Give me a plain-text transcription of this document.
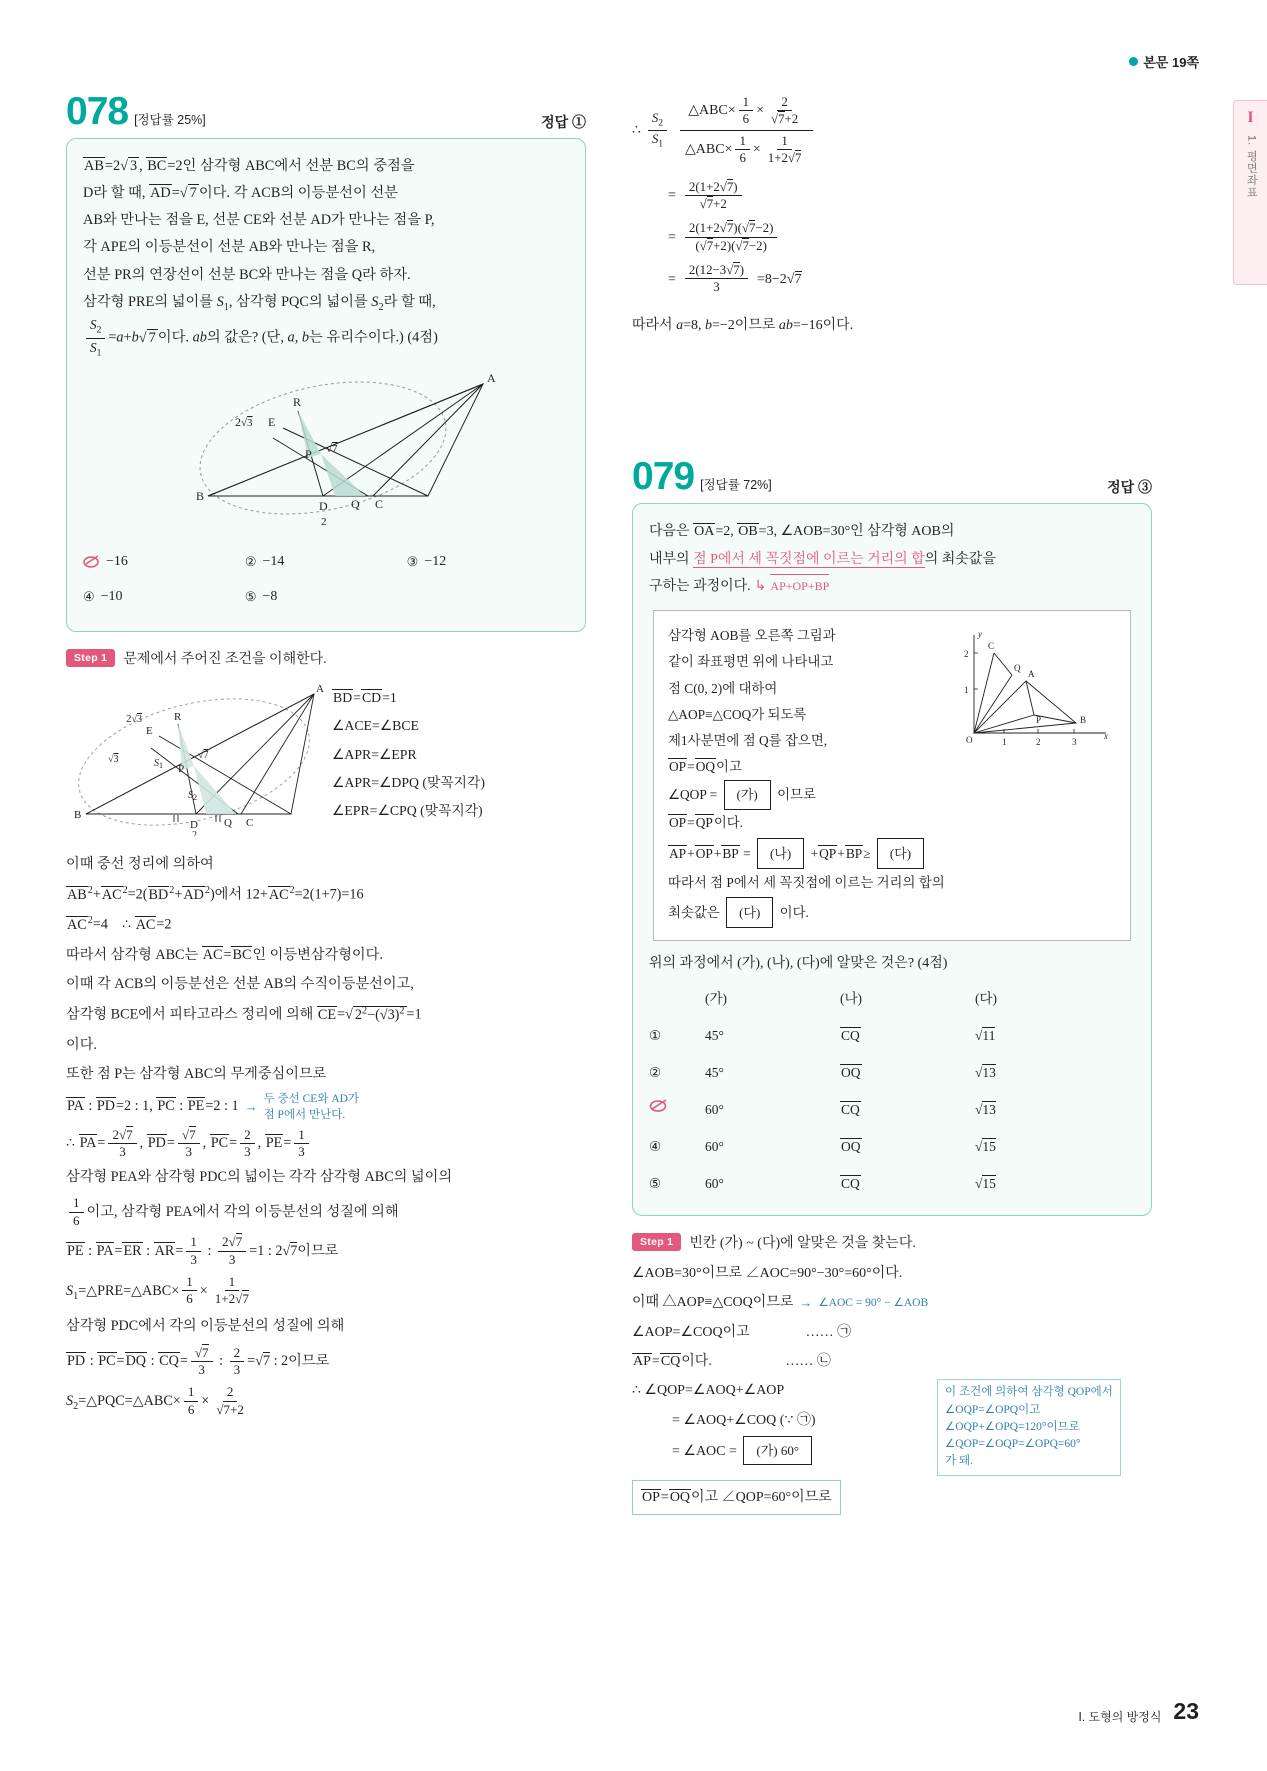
본문 19쪽
I
1. 평면좌표
078 [정답률 25%]	정답 ①
AB=2√ 3 , BC=2인 삼각형 ABC에서 선분 BC의 중점을
D라 할 때, AD=√ 7 이다. 각 ACB의 이등분선이 선분
AB와 만나는 점을 E, 선분 CE와 선분 AD가 만나는 점을 P,
각 APE의 이등분선이 선분 AB와 만나는 점을 R,
선분 PR의 연장선이 선분 BC와 만나는 점을 Q라 하자.
삼각형 PRE의 넓이를 $S_1$, 삼각형 PQC의 넓이를 $S_2$라 할 때,
$\frac{S_2}{S_1} =a+b√$ 7 이다. ab의 값은? (단, a, b는 유리수이다.) (4점)
A
R
E
P
B
D Q C
2√3
√7
2
−16	② −14	③ −12
④ −10	⑤ −8
Step 1	문제에서 주어진 조건을 이해한다.
A
R
E
P
B
D Q C
2√3
√3	√7
$S_1$
$S_2$
2
BD=CD=1
∠ACE=∠BCE
∠APR=∠EPR
∠APR=∠DPQ (맞꼭지각)
∠EPR=∠CPQ (맞꼭지각)

이때 중선 정리에 의하여

$AB^2+AC^2=2(BD^2+AD^2)$에서 $12+AC^2=2(1+7)=16$

$AC^2=4$    ∴ AC=2

따라서 삼각형 ABC는 AC=BC인 이등변삼각형이다.

이때 각 ACB의 이등분선은 선분 AB의 수직이등분선이고,

삼각형 BCE에서 피타고라스 정리에 의해 CE=√ $2^2-(√3)^2 =1$

이다.

또한 점 P는 삼각형 ABC의 무게중심이므로

PA : PD=2 : 1, PC : PE=2 : 1 →
두 중선 CE와 AD가
점 P에서 만난다.

∴ $PA= \frac{2√7}{3}$ , $PD= \frac{√7}{3}$ , $PC= \frac{2}{3}$ , $PE= \frac{1}{3}$

삼각형 PEA와 삼각형 PDC의 넓이는 각각 삼각형 ABC의 넓이의

$\frac{1}{6}$ 이고, 삼각형 PEA에서 각의 이등분선의 성질에 의해

PE : PA=ER : $AR= \frac{1}{3}$ : $\frac{2√7}{3} =1$ : 2√7이므로

$S_1=\triangle PRE=\triangle ABC\times \frac{1}{6} \times \frac{1}{1+2√7}$

삼각형 PDC에서 각의 이등분선의 성질에 의해

PD : PC=DQ : $CQ= \frac{√7}{3}$ : $\frac{2}{3} =√7$ : 2이므로

$S_2=\triangle PQC=\triangle ABC\times \frac{1}{6} \times \frac{2}{√7+2}$

∴ $\frac{S_2}{S_1} \frac{\triangle ABC\times \frac{1}{6} \times \frac{2}{√7+2}}{\triangle ABC\times \frac{1}{6} \times \frac{1}{1+2√7}}$
= $\frac{2(1+2√7)}{√7+2}$
= $\frac{2(1+2√7)(√7-2)}{(√7+2)(√7-2)}$
= $\frac{2(12-3√7)}{3} =8-2√7$

따라서 a=8, b=−2이므로 ab=−16이다.

079 [정답률 72%]	정답 ③
다음은 OA=2, OB=3, ∠AOB=30°인 삼각형 AOB의
내부의 점 P에서 세 꼭짓점에 이르는 거리의 합의 최솟값을
구하는 과정이다. ↳ AP+OP+BP
삼각형 AOB를 오른쪽 그림과
같이 좌표평면 위에 나타내고
점 C(0, 2)에 대하여
△AOP≡△COQ가 되도록
제1사분면에 점 Q를 잡으면,
OP=OQ이고
∠QOP = (가) 이므로
OP=QP이다.
y
x
O
C
Q
A
P	B
2
1
1	2	3
AP+OP+BP = (나) +QP+BP≥ (다)
따라서 점 P에서 세 꼭짓점에 이르는 거리의 합의
최솟값은 (다) 이다.
위의 과정에서 (가), (나), (다)에 알맞은 것은? (4점)
	(가)	(나)	(다)
①	45°	CQ	√11
②	45°	OQ	√13
	60°	CQ	√13
④	60°	OQ	√15
⑤	60°	CQ	√15
Step 1	빈칸 (가) ~ (다)에 알맞은 것을 찾는다.

∠AOB=30°이므로 ∠AOC=90°−30°=60°이다.

이때 △AOP≡△COQ이므로 → ∠AOC = 90° − ∠AOB

∠AOP=∠COQ이고                …… ㉠

AP=CQ이다.                     …… ㉡

∴ ∠QOP=∠AOQ+∠AOP

= ∠AOQ+∠COQ (∵ ㉠)

= ∠AOC = (가) 60°

이 조건에 의하여 삼각형 QOP에서
∠OQP=∠OPQ이고
∠OQP+∠OPQ=120°이므로
∠QOP=∠OQP=∠OPQ=60°
가 돼.

OP=OQ이고 ∠QOP=60°이므로

Ⅰ. 도형의 방정식 23
